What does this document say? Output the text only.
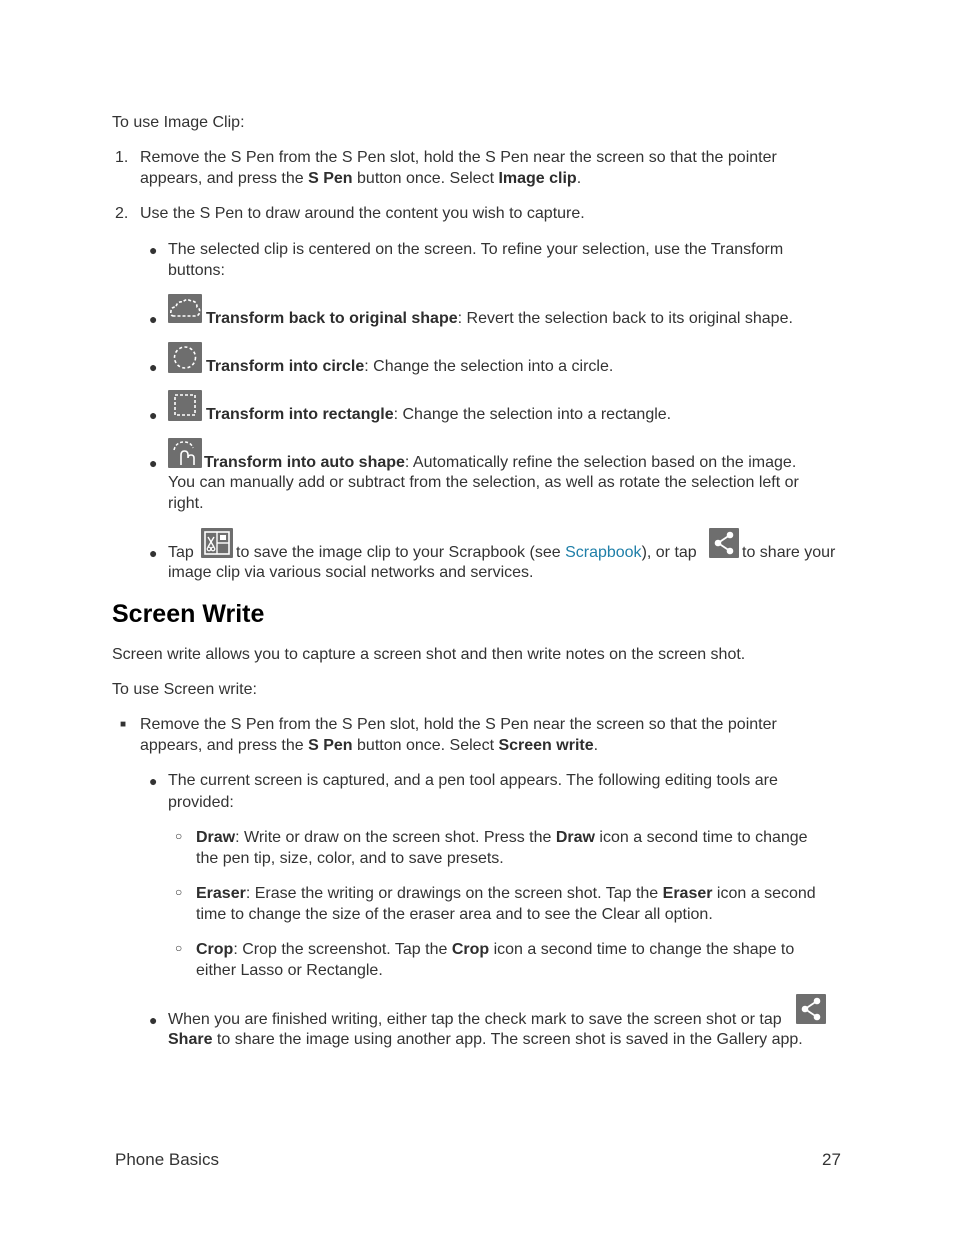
To use Image Clip:
1. Remove the S Pen from the S Pen slot, hold the S Pen near the screen so that the pointer
appears, and press the S Pen button once. Select Image clip.
2. Use the S Pen to draw around the content you wish to capture.
● The selected clip is centered on the screen. To refine your selection, use the Transform
buttons:
●	Transform back to original shape: Revert the selection back to its original shape.
●	Transform into circle: Change the selection into a circle.
●	Transform into rectangle: Change the selection into a rectangle.
●	Transform into auto shape: Automatically refine the selection based on the image.
You can manually add or subtract from the selection, as well as rotate the selection left or
right.
● Tap	to save the image clip to your Scrapbook (see Scrapbook), or tap	to share your
image clip via various social networks and services.
Screen Write
Screen write allows you to capture a screen shot and then write notes on the screen shot.
To use Screen write:
■ Remove the S Pen from the S Pen slot, hold the S Pen near the screen so that the pointer
appears, and press the S Pen button once. Select Screen write.
● The current screen is captured, and a pen tool appears. The following editing tools are
provided:
○ Draw: Write or draw on the screen shot. Press the Draw icon a second time to change
the pen tip, size, color, and to save presets.
○ Eraser: Erase the writing or drawings on the screen shot. Tap the Eraser icon a second
time to change the size of the eraser area and to see the Clear all option.
○ Crop: Crop the screenshot. Tap the Crop icon a second time to change the shape to
either Lasso or Rectangle.
● When you are finished writing, either tap the check mark to save the screen shot or tap
Share to share the image using another app. The screen shot is saved in the Gallery app.
Phone Basics	27
